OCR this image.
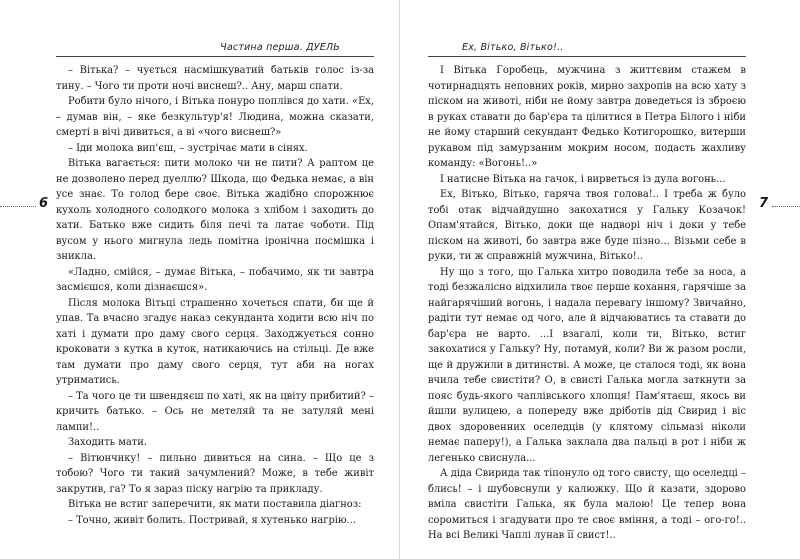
Частина перша. ДУЕЛЬ
6

– Вітька? – чується насмішкуватий батьків голос із-за тину. – Чого ти проти ночі виснеш?.. Ану, марш спати.

Робити було нічого, і Вітька понуро поплівся до хати. «Ех, – думав він, – яке безкультур'я! Людина, можна сказати, смерті в вічі дивиться, а ві «чого виснеш?»

– Іди молока вип'єш, – зустрічає мати в сінях.

Вітька вагається: пити молоко чи не пити? А раптом це не дозволено перед дуеллю? Шкода, що Федька немає, а він усе знає. То голод бере своє. Вітька жадібно спорожнює кухоль холодного солодкого молока з хлібом і заходить до хати. Батько вже сидить біля печі та латає чоботи. Під вусом у нього мигнула ледь помітна іронічна посмішка і зникла.

«Ладно, смійся, – думає Вітька, – побачимо, як ти завтра засмієшся, коли дізнаєшся».

Після молока Вітьці страшенно хочеться спати, би ще й упав. Та вчасно згадує наказ секунданта ходити всю ніч по хаті і думати про даму свого серця. Заходжується сонно кроковати з кутка в куток, натикаючись на стільці. Де вже там думати про даму свого серця, тут аби на ногах утриматись.

– Та чого це ти швендяєш по хаті, як на цвіту прибитий? – кричить батько. – Ось не метеляй та не затуляй мені лампи!..

Заходить мати.

– Вітюнчику! – пильно дивиться на сина. – Що це з тобою? Чого ти такий зачумлений? Може, в тебе живіт закрутив, га? То я зараз піску нагрію та прикладу.

Вітька не встиг заперечити, як мати поставила діагноз:

– Точно, живіт болить. Постривай, я хутенько нагрію...

Ех, Вітько, Вітько!..
7

І Вітька Горобець, мужчина з життєвим стажем в чотирнадцять неповних років, мирно захропів на всю хату з піском на животі, ніби не йому завтра доведеться із зброєю в руках ставати до бар'єра та цілитися в Петра Білого і ніби не йому старший секундант Федько Котигорошко, витерши рукавом під замурзаним мокрим носом, подасть жахливу команду: «Вогонь!..»

І натисне Вітька на гачок, і вирветься із дула вогонь...

Ех, Вітько, Вітько, гаряча твоя голова!.. І треба ж було тобі отак відчайдушно закохатися у Гальку Козачок! Опам'ятайся, Вітько, доки ще надворі ніч і доки у тебе піском на животі, бо завтра вже буде пізно… Візьми себе в руки, ти ж справжній мужчина, Вітько!..

Ну що з того, що Галька хитро поводила тебе за носа, а тоді безжалісно відхилила твоє перше кохання, гарячіше за найгарячіший вогонь, і надала перевагу іншому? Звичайно, радіти тут немає од чого, але й відчаюватись та ставати до бар'єра не варто. ...І взагалі, коли ти, Вітько, встиг закохатися у Гальку? Ну, потамуй, коли? Ви ж разом росли, ще й дружили в дитинстві. А може, це сталося тоді, як вона вчила тебе свистіти? О, в свисті Галька могла заткнути за пояс будь-якого чаплівського хлопця! Пам'ятаєш, якось ви йшли вулицею, а попереду вже дріботів дід Свирид і віс двох здоровенних оселедців (у клятому сільмазі ніколи немає паперу!), а Галька заклала два пальці в рот і ніби ж легенько свиснула...

А діда Свирида так тіпонуло од того свисту, що оселедці – блись! – і шубовснули у калюжку. Що й казати, здорово вміла свистіти Галька, як була малою! Це тепер вона соромиться і згадувати про те своє вміння, а тоді – ого-го!.. На всі Великі Чаплі лунав її свист!..
